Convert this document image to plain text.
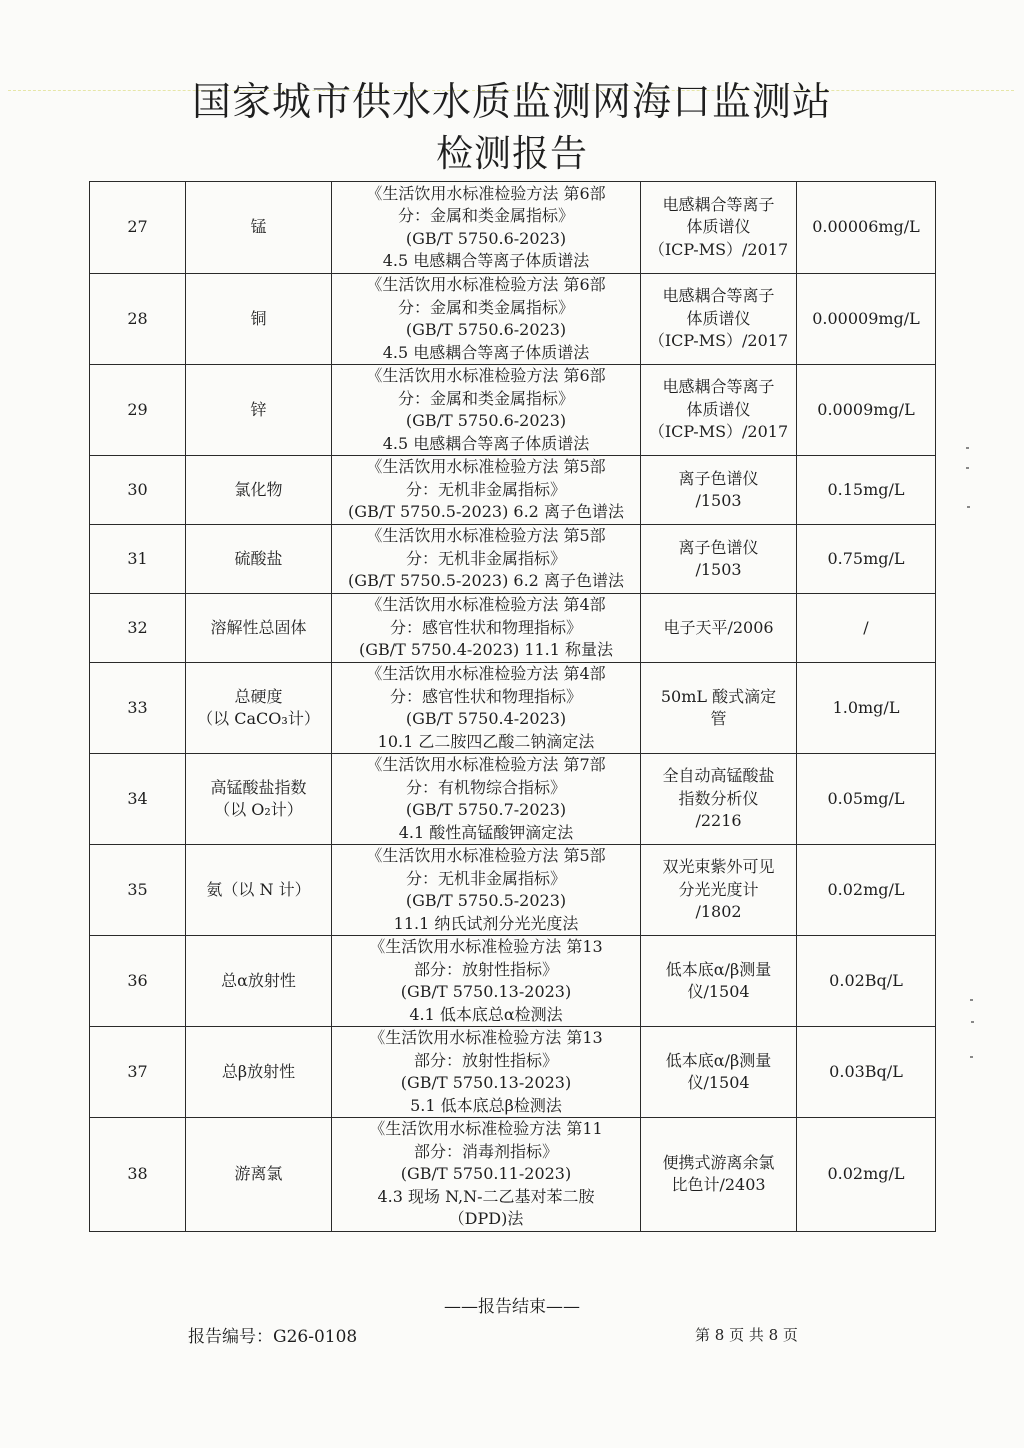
国家城市供水水质监测网海口监测站
检测报告
27	锰	《生活饮用水标准检验方法 第6部
分：金属和类金属指标》
(GB/T 5750.6-2023)
4.5 电感耦合等离子体质谱法	电感耦合等离子
体质谱仪
（ICP-MS）/2017	0.00006mg/L
28	铜	《生活饮用水标准检验方法 第6部
分：金属和类金属指标》
(GB/T 5750.6-2023)
4.5 电感耦合等离子体质谱法	电感耦合等离子
体质谱仪
（ICP-MS）/2017	0.00009mg/L
29	锌	《生活饮用水标准检验方法 第6部
分：金属和类金属指标》
(GB/T 5750.6-2023)
4.5 电感耦合等离子体质谱法	电感耦合等离子
体质谱仪
（ICP-MS）/2017	0.0009mg/L
30	氯化物	《生活饮用水标准检验方法 第5部
分：无机非金属指标》
(GB/T 5750.5-2023) 6.2 离子色谱法	离子色谱仪
/1503	0.15mg/L
31	硫酸盐	《生活饮用水标准检验方法 第5部
分：无机非金属指标》
(GB/T 5750.5-2023) 6.2 离子色谱法	离子色谱仪
/1503	0.75mg/L
32	溶解性总固体	《生活饮用水标准检验方法 第4部
分：感官性状和物理指标》
(GB/T 5750.4-2023) 11.1 称量法	电子天平/2006	/
33	总硬度
（以 CaCO₃计）	《生活饮用水标准检验方法 第4部
分：感官性状和物理指标》
(GB/T 5750.4-2023)
10.1 乙二胺四乙酸二钠滴定法	50mL 酸式滴定
管	1.0mg/L
34	高锰酸盐指数
（以 O₂计）	《生活饮用水标准检验方法 第7部
分：有机物综合指标》
(GB/T 5750.7-2023)
4.1 酸性高锰酸钾滴定法	全自动高锰酸盐
指数分析仪
/2216	0.05mg/L
35	氨（以 N 计）	《生活饮用水标准检验方法 第5部
分：无机非金属指标》
(GB/T 5750.5-2023)
11.1 纳氏试剂分光光度法	双光束紫外可见
分光光度计
/1802	0.02mg/L
36	总α放射性	《生活饮用水标准检验方法 第13
部分：放射性指标》
(GB/T 5750.13-2023)
4.1 低本底总α检测法	低本底α/β测量
仪/1504	0.02Bq/L
37	总β放射性	《生活饮用水标准检验方法 第13
部分：放射性指标》
(GB/T 5750.13-2023)
5.1 低本底总β检测法	低本底α/β测量
仪/1504	0.03Bq/L
38	游离氯	《生活饮用水标准检验方法 第11
部分：消毒剂指标》
(GB/T 5750.11-2023)
4.3 现场 N,N-二乙基对苯二胺
（DPD)法	便携式游离余氯
比色计/2403	0.02mg/L
——报告结束——
报告编号：G26-0108	第 8 页 共 8 页
